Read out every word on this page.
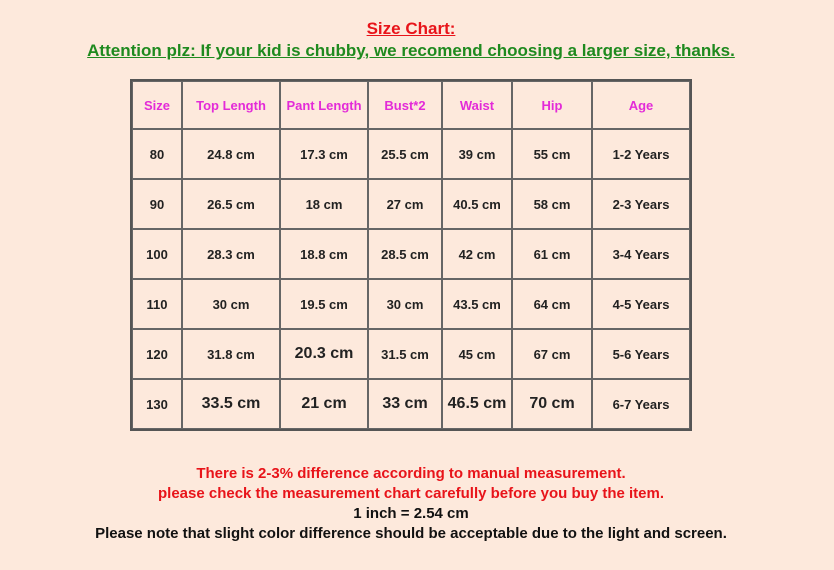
Size Chart:
Attention plz: If your kid is chubby, we recomend choosing a larger size, thanks.
Size	Top Length	Pant Length	Bust*2	Waist	Hip	Age
80	24.8 cm	17.3 cm	25.5 cm	39 cm	55 cm	1-2 Years
90	26.5 cm	18 cm	27 cm	40.5 cm	58 cm	2-3 Years
100	28.3 cm	18.8 cm	28.5 cm	42 cm	61 cm	3-4 Years
110	30 cm	19.5 cm	30 cm	43.5 cm	64 cm	4-5 Years
120	31.8 cm	20.3 cm	31.5 cm	45 cm	67 cm	5-6 Years
130	33.5 cm	21 cm	33 cm	46.5 cm	70 cm	6-7 Years
There is 2-3% difference according to manual measurement.
please check the measurement chart carefully before you buy the item.
1 inch = 2.54 cm
Please note that slight color difference should be acceptable due to the light and screen.
